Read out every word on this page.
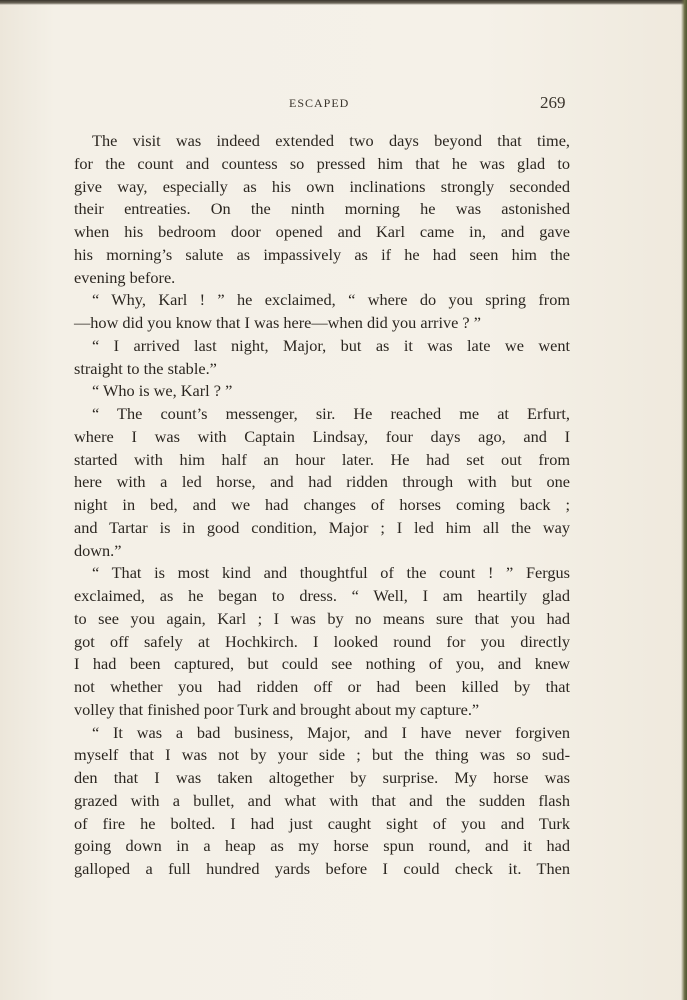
ESCAPED	269
The visit was indeed extended two days beyond that time,
for the count and countess so pressed him that he was glad to
give way, especially as his own inclinations strongly seconded
their entreaties. On the ninth morning he was astonished
when his bedroom door opened and Karl came in, and gave
his morning’s salute as impassively as if he had seen him the
evening before.
“ Why, Karl ! ” he exclaimed, “ where do you spring from
—how did you know that I was here—when did you arrive ? ”
“ I arrived last night, Major, but as it was late we went
straight to the stable.”
“ Who is we, Karl ? ”
“ The count’s messenger, sir. He reached me at Erfurt,
where I was with Captain Lindsay, four days ago, and I
started with him half an hour later. He had set out from
here with a led horse, and had ridden through with but one
night in bed, and we had changes of horses coming back ;
and Tartar is in good condition, Major ; I led him all the way
down.”
“ That is most kind and thoughtful of the count ! ” Fergus
exclaimed, as he began to dress. “ Well, I am heartily glad
to see you again, Karl ; I was by no means sure that you had
got off safely at Hochkirch. I looked round for you directly
I had been captured, but could see nothing of you, and knew
not whether you had ridden off or had been killed by that
volley that finished poor Turk and brought about my capture.”
“ It was a bad business, Major, and I have never forgiven
myself that I was not by your side ; but the thing was so sud-
den that I was taken altogether by surprise. My horse was
grazed with a bullet, and what with that and the sudden flash
of fire he bolted. I had just caught sight of you and Turk
going down in a heap as my horse spun round, and it had
galloped a full hundred yards before I could check it. Then
